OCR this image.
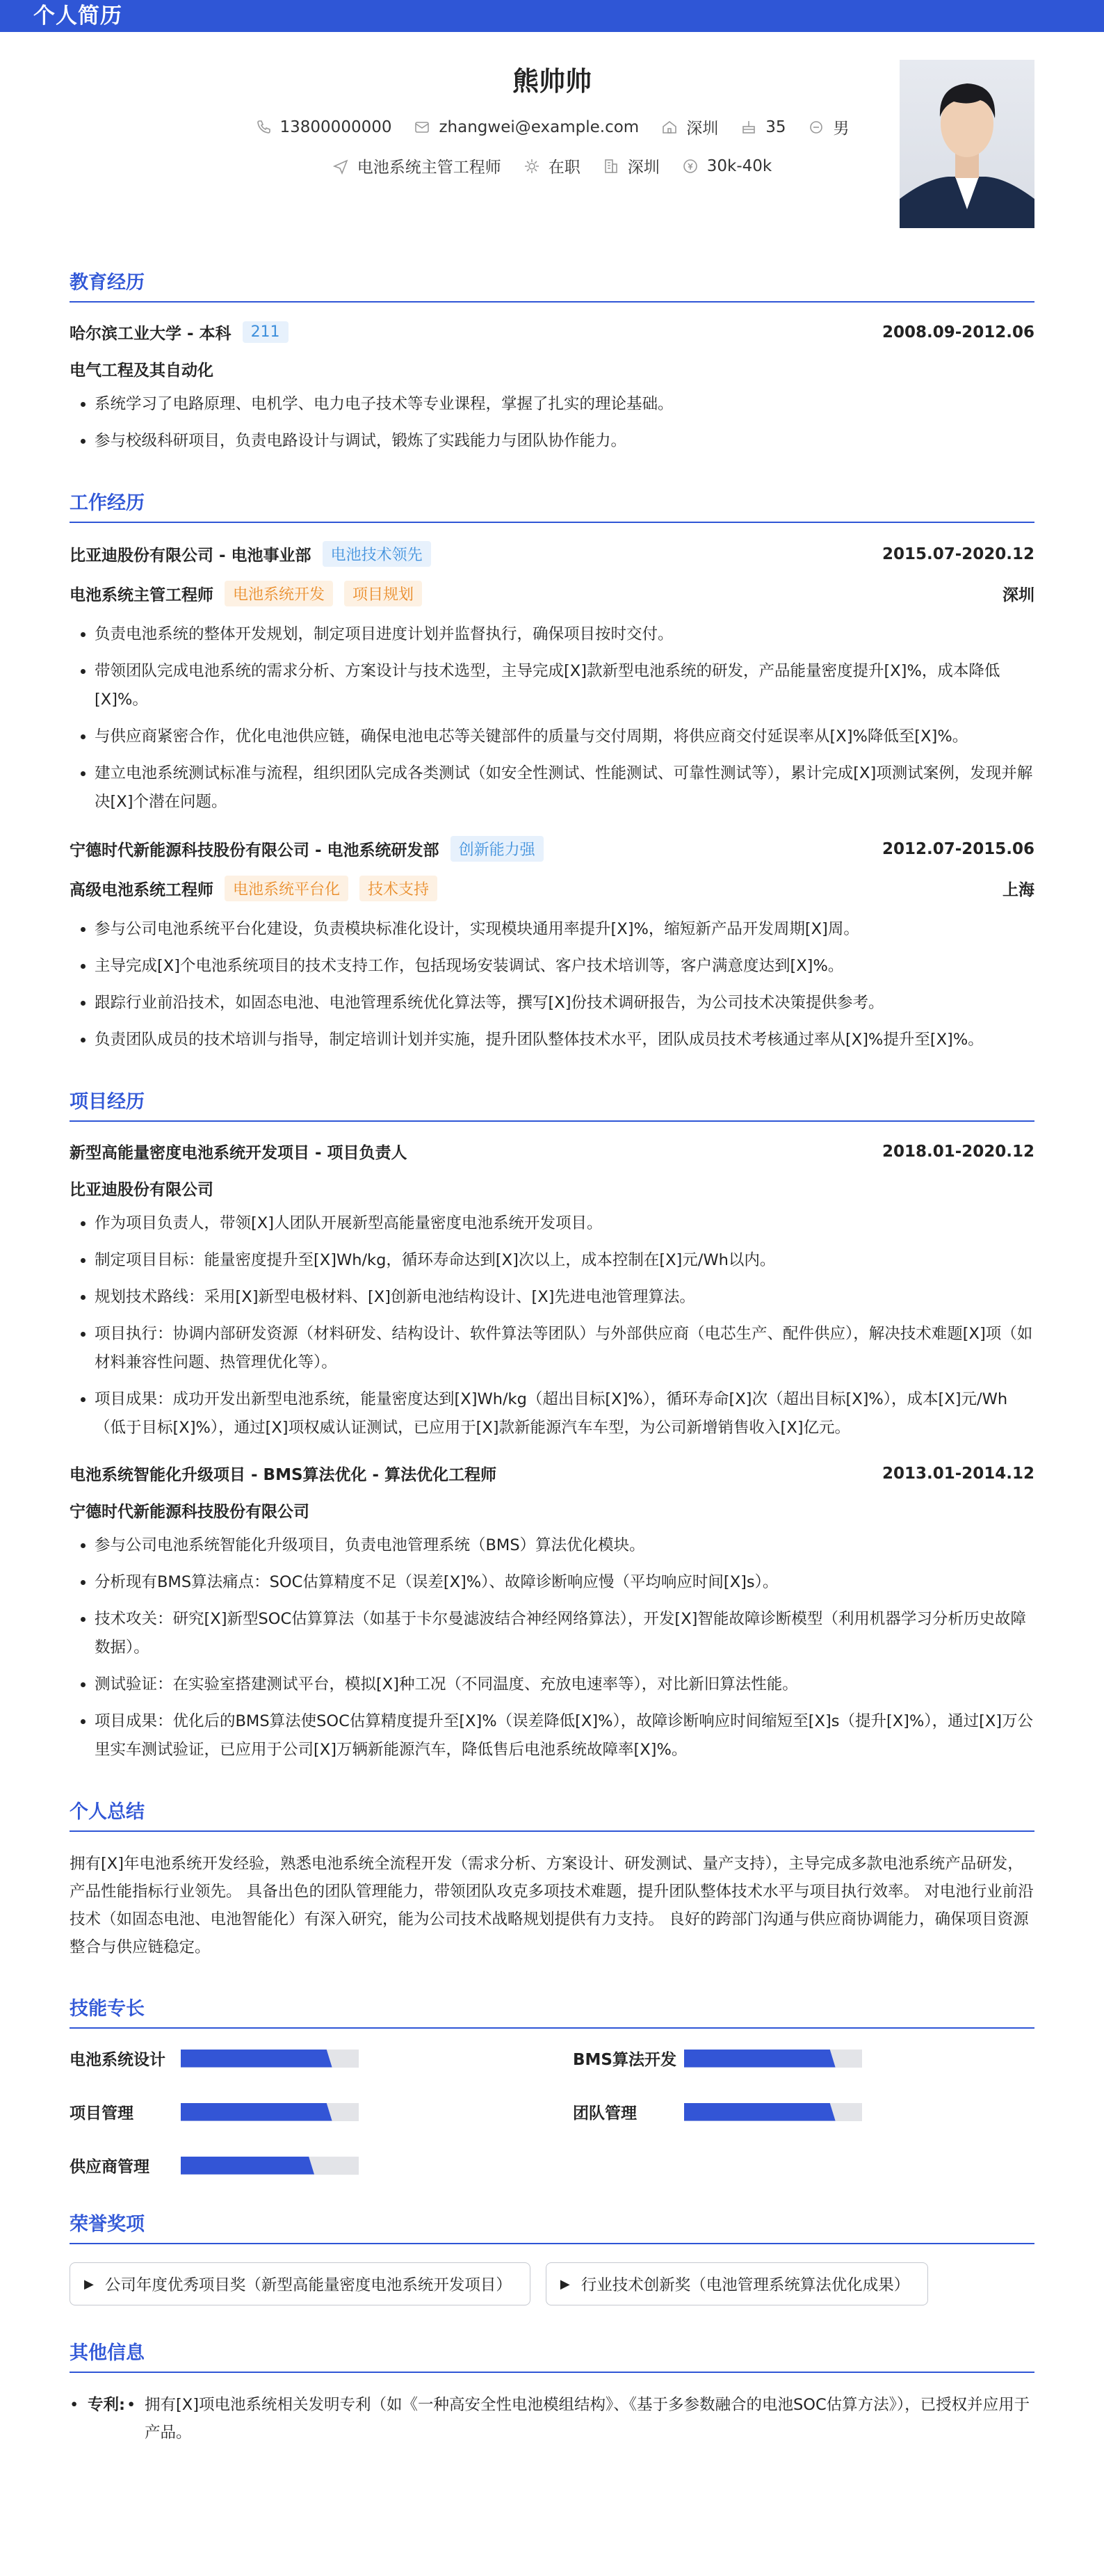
个人简历
熊帅帅
13800000000	zhangwei@example.com	深圳	35	男
电池系统主管工程师	在职	深圳	30k-40k
教育经历
哈尔滨工业大学 - 本科	211	2008.09-2012.06
电气工程及其自动化
• 系统学习了电路原理、电机学、电力电子技术等专业课程，掌握了扎实的理论基础。
• 参与校级科研项目，负责电路设计与调试，锻炼了实践能力与团队协作能力。
工作经历
比亚迪股份有限公司 - 电池事业部	电池技术领先	2015.07-2020.12
电池系统主管工程师	电池系统开发	项目规划	深圳
• 负责电池系统的整体开发规划，制定项目进度计划并监督执行，确保项目按时交付。
• 带领团队完成电池系统的需求分析、方案设计与技术选型，主导完成[X]款新型电池系统的研发，产品能量密度提升[X]%，成本降低[X]%。
• 与供应商紧密合作，优化电池供应链，确保电池电芯等关键部件的质量与交付周期，将供应商交付延误率从[X]%降低至[X]%。
• 建立电池系统测试标准与流程，组织团队完成各类测试（如安全性测试、性能测试、可靠性测试等），累计完成[X]项测试案例，发现并解决[X]个潜在问题。
宁德时代新能源科技股份有限公司 - 电池系统研发部	创新能力强	2012.07-2015.06
高级电池系统工程师	电池系统平台化	技术支持	上海
• 参与公司电池系统平台化建设，负责模块标准化设计，实现模块通用率提升[X]%，缩短新产品开发周期[X]周。
• 主导完成[X]个电池系统项目的技术支持工作，包括现场安装调试、客户技术培训等，客户满意度达到[X]%。
• 跟踪行业前沿技术，如固态电池、电池管理系统优化算法等，撰写[X]份技术调研报告，为公司技术决策提供参考。
• 负责团队成员的技术培训与指导，制定培训计划并实施，提升团队整体技术水平，团队成员技术考核通过率从[X]%提升至[X]%。
项目经历
新型高能量密度电池系统开发项目 - 项目负责人	2018.01-2020.12
比亚迪股份有限公司
• 作为项目负责人，带领[X]人团队开展新型高能量密度电池系统开发项目。
• 制定项目目标：能量密度提升至[X]Wh/kg，循环寿命达到[X]次以上，成本控制在[X]元/Wh以内。
• 规划技术路线：采用[X]新型电极材料、[X]创新电池结构设计、[X]先进电池管理算法。
• 项目执行：协调内部研发资源（材料研发、结构设计、软件算法等团队）与外部供应商（电芯生产、配件供应），解决技术难题[X]项（如材料兼容性问题、热管理优化等）。
• 项目成果：成功开发出新型电池系统，能量密度达到[X]Wh/kg（超出目标[X]%），循环寿命[X]次（超出目标[X]%），成本[X]元/Wh（低于目标[X]%），通过[X]项权威认证测试，已应用于[X]款新能源汽车车型，为公司新增销售收入[X]亿元。
电池系统智能化升级项目 - BMS算法优化 - 算法优化工程师	2013.01-2014.12
宁德时代新能源科技股份有限公司
• 参与公司电池系统智能化升级项目，负责电池管理系统（BMS）算法优化模块。
• 分析现有BMS算法痛点：SOC估算精度不足（误差[X]%）、故障诊断响应慢（平均响应时间[X]s）。
• 技术攻关：研究[X]新型SOC估算算法（如基于卡尔曼滤波结合神经网络算法），开发[X]智能故障诊断模型（利用机器学习分析历史故障数据）。
• 测试验证：在实验室搭建测试平台，模拟[X]种工况（不同温度、充放电速率等），对比新旧算法性能。
• 项目成果：优化后的BMS算法使SOC估算精度提升至[X]%（误差降低[X]%），故障诊断响应时间缩短至[X]s（提升[X]%），通过[X]万公里实车测试验证，已应用于公司[X]万辆新能源汽车，降低售后电池系统故障率[X]%。
个人总结

拥有[X]年电池系统开发经验，熟悉电池系统全流程开发（需求分析、方案设计、研发测试、量产支持），主导完成多款电池系统产品研发，产品性能指标行业领先。 具备出色的团队管理能力，带领团队攻克多项技术难题，提升团队整体技术水平与项目执行效率。 对电池行业前沿技术（如固态电池、电池智能化）有深入研究，能为公司技术战略规划提供有力支持。 良好的跨部门沟通与供应商协调能力，确保项目资源整合与供应链稳定。

技能专长
电池系统设计	BMS算法开发
项目管理	团队管理
供应商管理
荣誉奖项
▶ 公司年度优秀项目奖（新型高能量密度电池系统开发项目）	▶ 行业技术创新奖（电池管理系统算法优化成果）
其他信息
• 专利: • 拥有[X]项电池系统相关发明专利（如《一种高安全性电池模组结构》、《基于多参数融合的电池SOC估算方法》），已授权并应用于产品。
